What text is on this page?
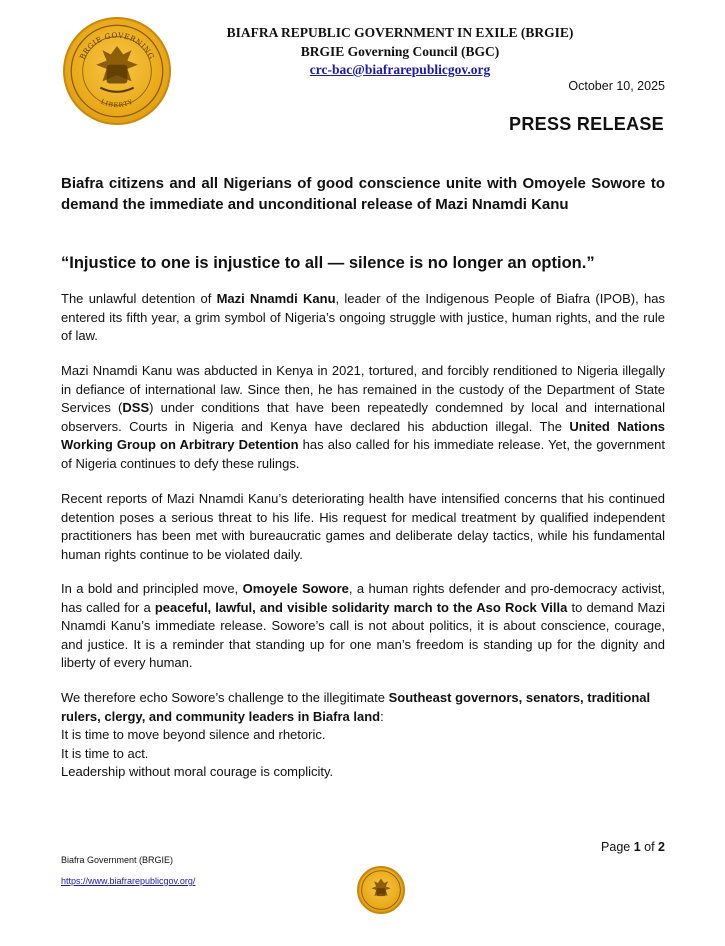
BRGIE GOVERNING
LIBERTY
BIAFRA REPUBLIC GOVERNMENT IN EXILE (BRGIE)
BRGIE Governing Council (BGC)
crc-bac@biafrarepublicgov.org
October 10, 2025
PRESS RELEASE
Biafra citizens and all Nigerians of good conscience unite with Omoyele Sowore to demand the immediate and unconditional release of Mazi Nnamdi Kanu
“Injustice to one is injustice to all — silence is no longer an option.”
The unlawful detention of Mazi Nnamdi Kanu, leader of the Indigenous People of Biafra (IPOB), has entered its fifth year, a grim symbol of Nigeria’s ongoing struggle with justice, human rights, and the rule of law.
Mazi Nnamdi Kanu was abducted in Kenya in 2021, tortured, and forcibly renditioned to Nigeria illegally in defiance of international law. Since then, he has remained in the custody of the Department of State Services (DSS) under conditions that have been repeatedly condemned by local and international observers. Courts in Nigeria and Kenya have declared his abduction illegal. The United Nations Working Group on Arbitrary Detention has also called for his immediate release. Yet, the government of Nigeria continues to defy these rulings.
Recent reports of Mazi Nnamdi Kanu’s deteriorating health have intensified concerns that his continued detention poses a serious threat to his life. His request for medical treatment by qualified independent practitioners has been met with bureaucratic games and deliberate delay tactics, while his fundamental human rights continue to be violated daily.
In a bold and principled move, Omoyele Sowore, a human rights defender and pro-democracy activist, has called for a peaceful, lawful, and visible solidarity march to the Aso Rock Villa to demand Mazi Nnamdi Kanu’s immediate release. Sowore’s call is not about politics, it is about conscience, courage, and justice. It is a reminder that standing up for one man’s freedom is standing up for the dignity and liberty of every human.
We therefore echo Sowore’s challenge to the illegitimate Southeast governors, senators, traditional rulers, clergy, and community leaders in Biafra land:
It is time to move beyond silence and rhetoric.
It is time to act.
Leadership without moral courage is complicity.
Page 1 of 2
Biafra Government (BRGIE)
https://www.biafrarepublicgov.org/
